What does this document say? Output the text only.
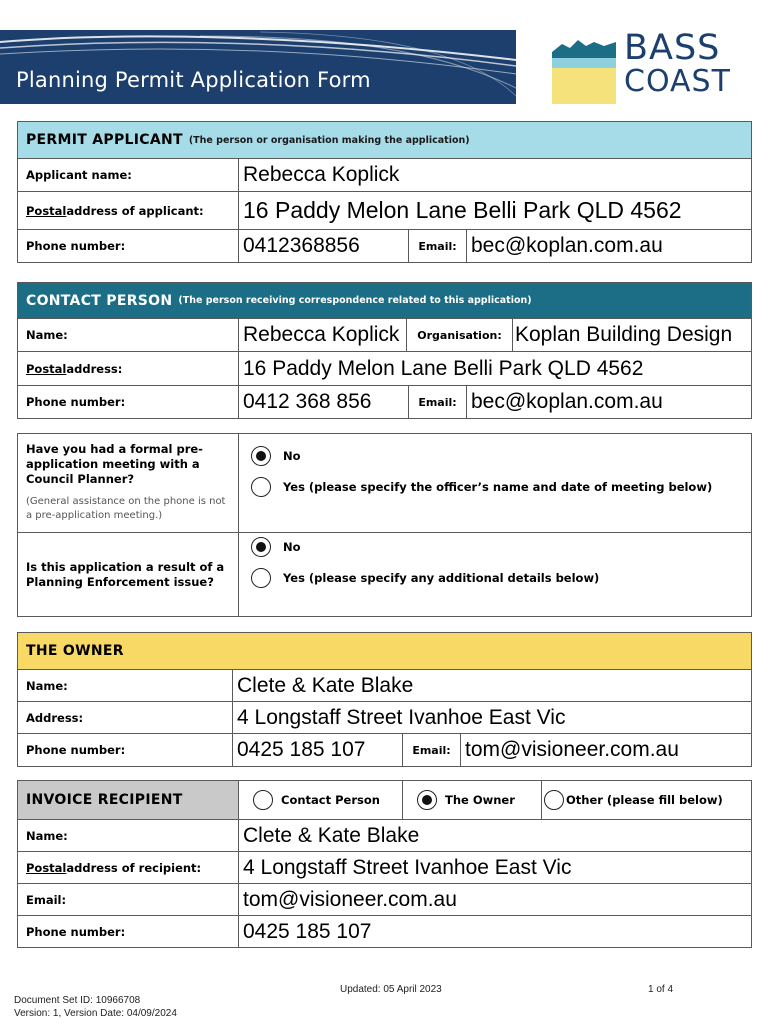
Planning Permit Application Form
BASS
COAST
PERMIT APPLICANT (The person or organisation making the application)
Applicant name:	Rebecca Koplick
Postal address of applicant: 16 Paddy Melon Lane Belli Park QLD 4562
Phone number:	0412368856	Email: bec@koplan.com.au
CONTACT PERSON (The person receiving correspondence related to this application)
Name:	Rebecca Koplick	Organisation: Koplan Building Design
Postal address:	16 Paddy Melon Lane Belli Park QLD 4562
Phone number:	0412 368 856	Email: bec@koplan.com.au
Have you had a formal pre-application meeting with a Council Planner?
(General assistance on the phone is not a pre-application meeting.)
No
Yes (please specify the officer’s name and date of meeting below)
Is this application a result of a Planning Enforcement issue?
No
Yes (please specify any additional details below)
THE OWNER
Name:	Clete & Kate Blake
Address:	4 Longstaff Street Ivanhoe East Vic
Phone number:	0425 185 107	Email: tom@visioneer.com.au
INVOICE RECIPIENT	Contact Person	The Owner	Other (please fill below)
Name:	Clete & Kate Blake
Postal address of recipient: 4 Longstaff Street Ivanhoe East Vic
Email:	tom@visioneer.com.au
Phone number:	0425 185 107
Updated: 05 April 2023	1 of 4
Document Set ID: 10966708
Version: 1, Version Date: 04/09/2024
